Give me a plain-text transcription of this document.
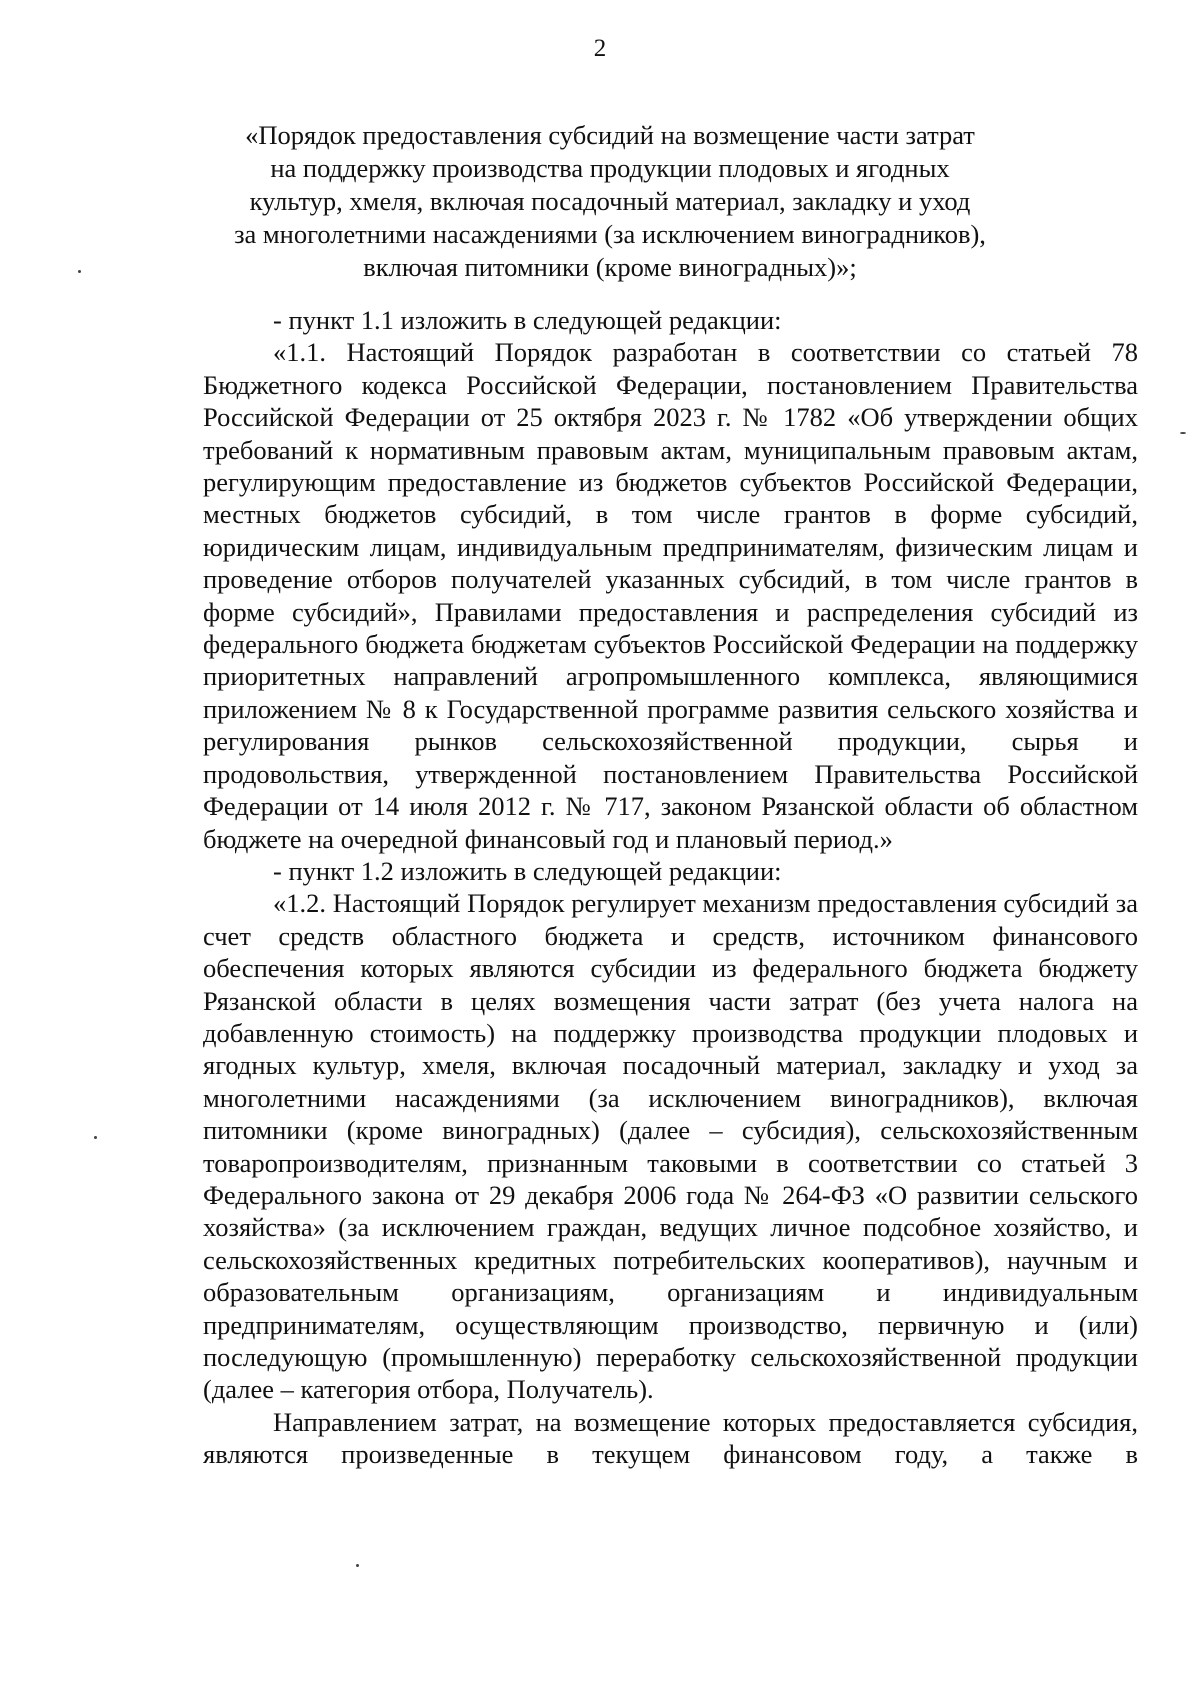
2
«Порядок предоставления субсидий на возмещение части затрат
на поддержку производства продукции плодовых и ягодных
культур, хмеля, включая посадочный материал, закладку и уход
за многолетними насаждениями (за исключением виноградников),
включая питомники (кроме виноградных)»;

- пункт 1.1 изложить в следующей редакции:

«1.1. Настоящий Порядок разработан в соответствии со статьей 78 Бюджетного кодекса Российской Федерации, постановлением Правительства Российской Федерации от 25 октября 2023 г. № 1782 «Об утверждении общих требований к нормативным правовым актам, муниципальным правовым актам, регулирующим предоставление из бюджетов субъектов Российской Федерации, местных бюджетов субсидий, в том числе грантов в форме субсидий, юридическим лицам, индивидуальным предпринимателям, физическим лицам и проведение отборов получателей указанных субсидий, в том числе грантов в форме субсидий», Правилами предоставления и распределения субсидий из федерального бюджета бюджетам субъектов Российской Федерации на поддержку приоритетных направлений агропромышленного комплекса, являющимися приложением № 8 к Государственной программе развития сельского хозяйства и регулирования рынков сельскохозяйственной продукции, сырья и продовольствия, утвержденной постановлением Правительства Российской Федерации от 14 июля 2012 г. № 717, законом Рязанской области об областном бюджете на очередной финансовый год и плановый период.»

- пункт 1.2 изложить в следующей редакции:

«1.2. Настоящий Порядок регулирует механизм предоставления субсидий за счет средств областного бюджета и средств, источником финансового обеспечения которых являются субсидии из федерального бюджета бюджету Рязанской области в целях возмещения части затрат (без учета налога на добавленную стоимость) на поддержку производства продукции плодовых и ягодных культур, хмеля, включая посадочный материал, закладку и уход за многолетними насаждениями (за исключением виноградников), включая питомники (кроме виноградных) (далее – субсидия), сельскохозяйственным товаропроизводителям, признанным таковыми в соответствии со статьей 3 Федерального закона от 29 декабря 2006 года № 264-ФЗ «О развитии сельского хозяйства» (за исключением граждан, ведущих личное подсобное хозяйство, и сельскохозяйственных кредитных потребительских кооперативов), научным и образовательным организациям, организациям и индивидуальным предпринимателям, осуществляющим производство, первичную и (или) последующую (промышленную) переработку сельскохозяйственной продукции (далее – категория отбора, Получатель).

Направлением затрат, на возмещение которых предоставляется субсидия, являются произведенные в текущем финансовом году, а также в
